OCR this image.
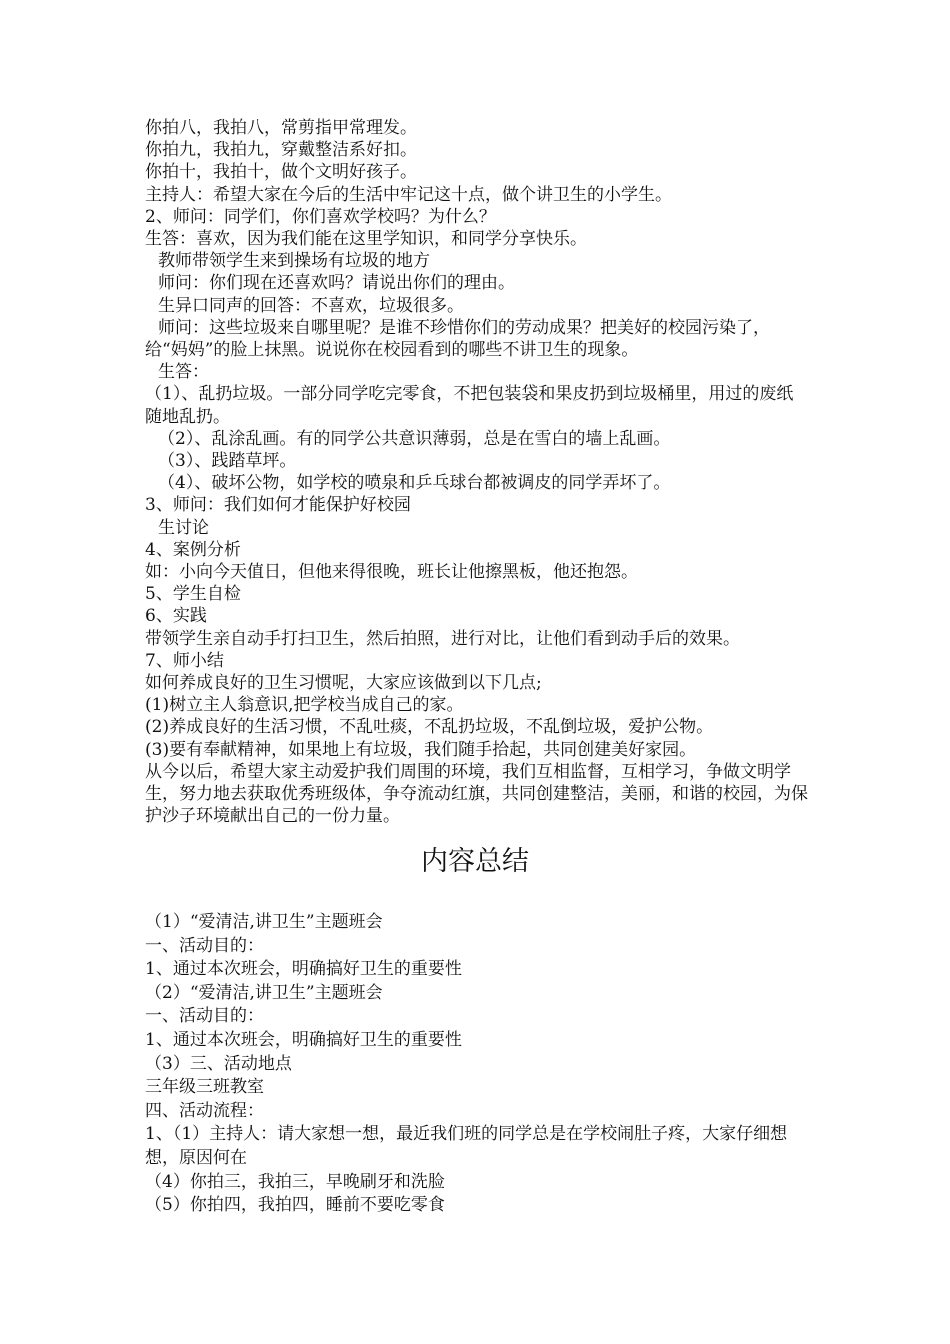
你拍八，我拍八，常剪指甲常理发。

你拍九，我拍九，穿戴整洁系好扣。

你拍十，我拍十，做个文明好孩子。

主持人：希望大家在今后的生活中牢记这十点，做个讲卫生的小学生。

2、师问：同学们，你们喜欢学校吗？为什么？

生答：喜欢，因为我们能在这里学知识，和同学分享快乐。

教师带领学生来到操场有垃圾的地方

师问：你们现在还喜欢吗？请说出你们的理由。

生异口同声的回答：不喜欢，垃圾很多。

师问：这些垃圾来自哪里呢？是谁不珍惜你们的劳动成果？把美好的校园污染了，给“妈妈”的脸上抹黑。说说你在校园看到的哪些不讲卫生的现象。

生答：

（1）、乱扔垃圾。一部分同学吃完零食，不把包装袋和果皮扔到垃圾桶里，用过的废纸随地乱扔。

（2）、乱涂乱画。有的同学公共意识薄弱，总是在雪白的墙上乱画。

（3）、践踏草坪。

（4）、破坏公物，如学校的喷泉和乒乓球台都被调皮的同学弄坏了。

3、师问：我们如何才能保护好校园

生讨论

4、案例分析

如：小向今天值日，但他来得很晚，班长让他擦黑板，他还抱怨。

5、学生自检

6、实践

带领学生亲自动手打扫卫生，然后拍照，进行对比，让他们看到动手后的效果。

7、师小结

如何养成良好的卫生习惯呢，大家应该做到以下几点;

(1)树立主人翁意识,把学校当成自己的家。

(2)养成良好的生活习惯，不乱吐痰，不乱扔垃圾，不乱倒垃圾，爱护公物。

(3)要有奉献精神，如果地上有垃圾，我们随手拾起，共同创建美好家园。

从今以后，希望大家主动爱护我们周围的环境，我们互相监督，互相学习，争做文明学生，努力地去获取优秀班级体，争夺流动红旗，共同创建整洁，美丽，和谐的校园，为保护沙子环境献出自己的一份力量。

内容总结

（1）“爱清洁,讲卫生”主题班会

一、活动目的：

1、通过本次班会，明确搞好卫生的重要性

（2）“爱清洁,讲卫生”主题班会

一、活动目的：

1、通过本次班会，明确搞好卫生的重要性

（3）三、活动地点

三年级三班教室

四、活动流程：

1、（1）主持人：请大家想一想，最近我们班的同学总是在学校闹肚子疼，大家仔细想想，原因何在

（4）你拍三，我拍三，早晚刷牙和洗脸

（5）你拍四，我拍四，睡前不要吃零食
